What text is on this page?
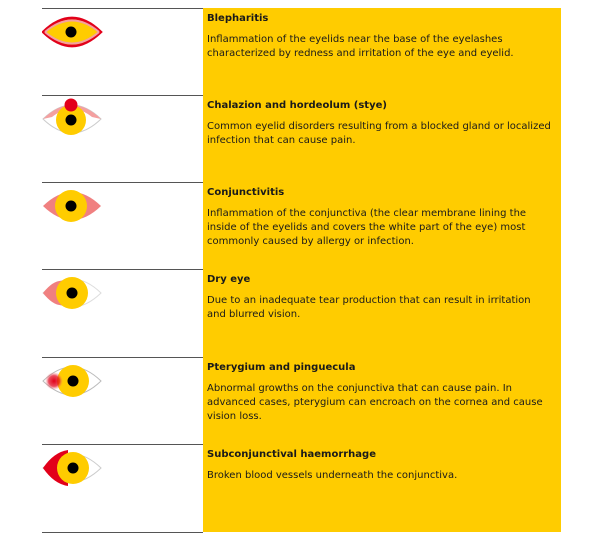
Blepharitis

Inflammation of the eyelids near the base of the eyelashes characterized by redness and irritation of the eye and eyelid.

Chalazion and hordeolum (stye)

Common eyelid disorders resulting from a blocked gland or localized infection that can cause pain.

Conjunctivitis

Inflammation of the conjunctiva (the clear membrane lining the inside of the eyelids and covers the white part of the eye) most commonly caused by allergy or infection.

Dry eye

Due to an inadequate tear production that can result in irritation and blurred vision.

Pterygium and pinguecula

Abnormal growths on the conjunctiva that can cause pain. In advanced cases, pterygium can encroach on the cornea and cause vision loss.

Subconjunctival haemorrhage

Broken blood vessels underneath the conjunctiva.
